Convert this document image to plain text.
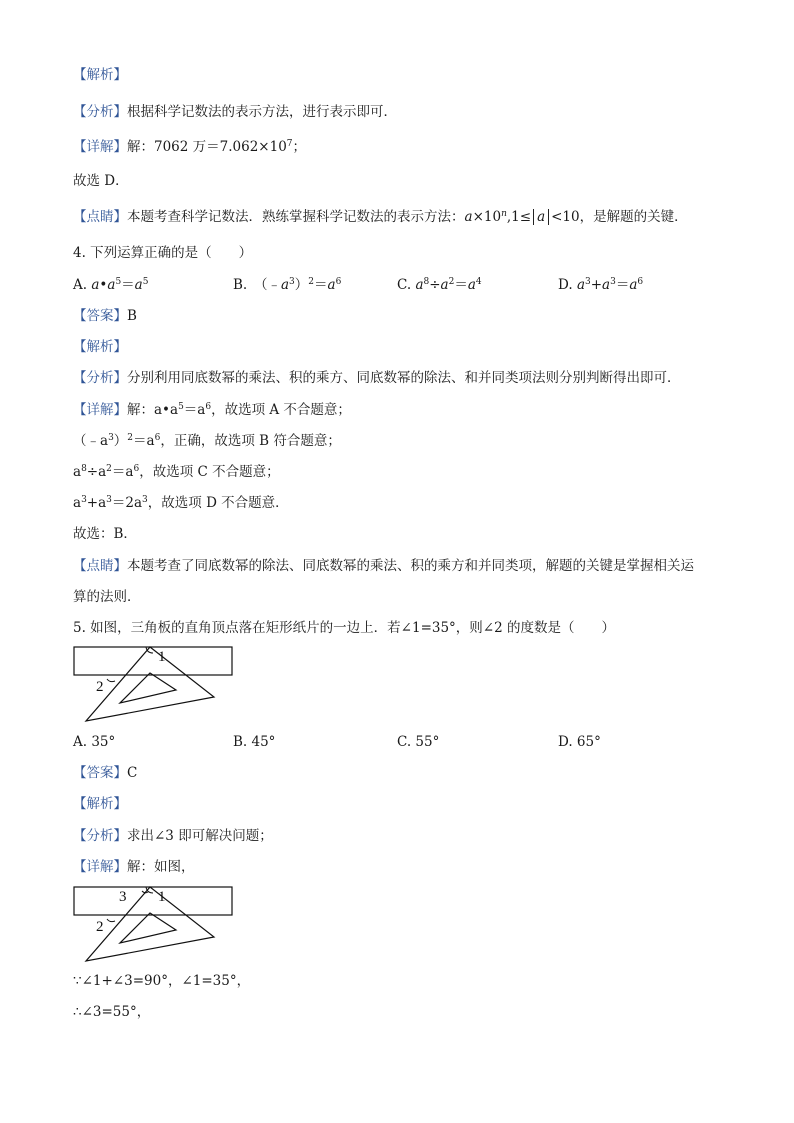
【解析】
【分析】根据科学记数法的表示方法，进行表示即可．
【详解】解：7062 万$=7.062\times 10^7$；
故选 D．
【点睛】本题考查科学记数法．熟练掌握科学记数法的表示方法：$a\times 10^n,1\le a <10$，是解题的关键．
4. 下列运算正确的是（　　）
A. $a•a^5=a^5$	B.　$(﹣a^3)^2=a^6$	C. $a^8\div a^2=a^4$	D. $a^3+a^3=a^6$
【答案】B
【解析】
【分析】分别利用同底数幂的乘法、积的乘方、同底数幂的除法、和并同类项法则分别判断得出即可．
【详解】解：$a•a^5=a^6$，故选项 A 不合题意；
$(﹣a^3)^2=a^6$，正确，故选项 B 符合题意；
$a^8\div a^2=a^6$，故选项 C 不合题意；
$a^3+a^3=2a^3$，故选项 D 不合题意．
故选：B．
【点睛】本题考查了同底数幂的除法、同底数幂的乘法、积的乘方和并同类项，解题的关键是掌握相关运
算的法则．
5. 如图，三角板的直角顶点落在矩形纸片的一边上．若∠1=35°，则∠2 的度数是（　　）
1
2
A. 35°	B. 45°	C. 55°	D. 65°
【答案】C
【解析】
【分析】求出∠3 即可解决问题；
【详解】解：如图，
1
3
2
∵∠1+∠3=90°，∠1=35°，
∴∠3=55°，
